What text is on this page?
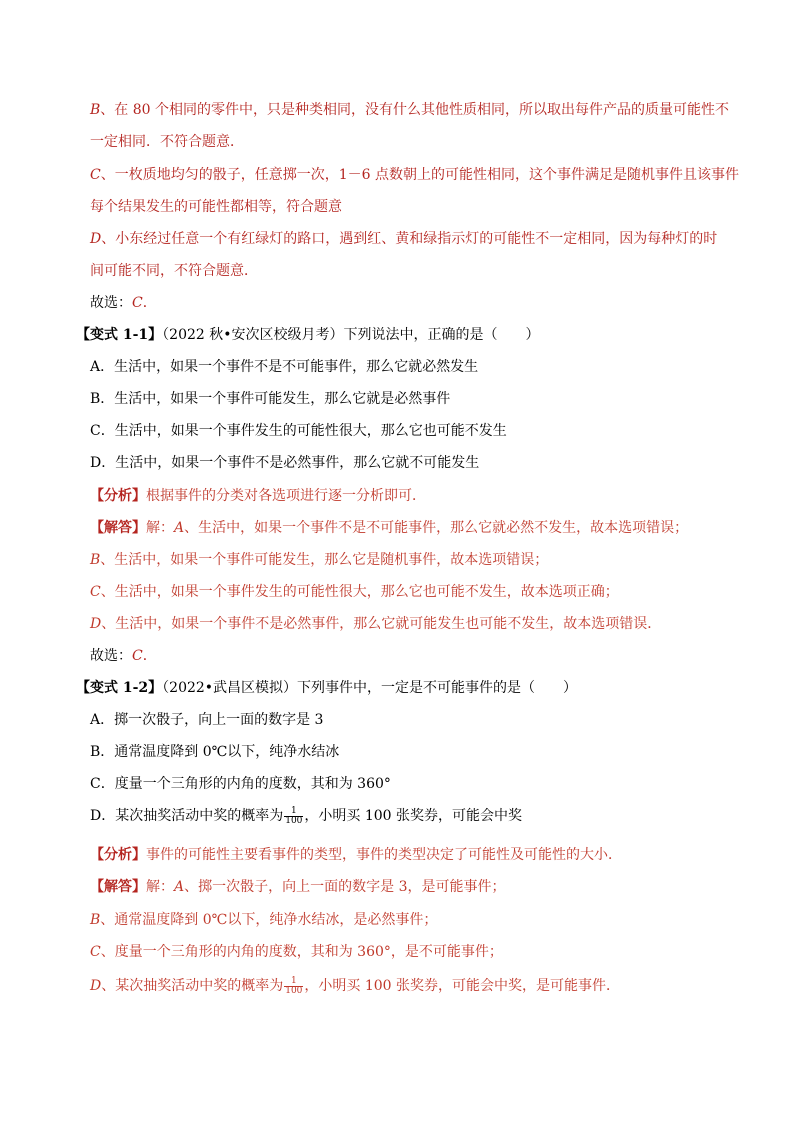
B、在 80 个相同的零件中，只是种类相同，没有什么其他性质相同，所以取出每件产品的质量可能性不
一定相同．不符合题意．
C、一枚质地均匀的骰子，任意掷一次，1－6 点数朝上的可能性相同，这个事件满足是随机事件且该事件
每个结果发生的可能性都相等，符合题意
D、小东经过任意一个有红绿灯的路口，遇到红、黄和绿指示灯的可能性不一定相同，因为每种灯的时
间可能不同，不符合题意．
故选：C．
【变式 1-1】（2022 秋•安次区校级月考）下列说法中，正确的是（　　）
A．生活中，如果一个事件不是不可能事件，那么它就必然发生
B．生活中，如果一个事件可能发生，那么它就是必然事件
C．生活中，如果一个事件发生的可能性很大，那么它也可能不发生
D．生活中，如果一个事件不是必然事件，那么它就不可能发生
【分析】根据事件的分类对各选项进行逐一分析即可．
【解答】解：A、生活中，如果一个事件不是不可能事件，那么它就必然不发生，故本选项错误；
B、生活中，如果一个事件可能发生，那么它是随机事件，故本选项错误；
C、生活中，如果一个事件发生的可能性很大，那么它也可能不发生，故本选项正确；
D、生活中，如果一个事件不是必然事件，那么它就可能发生也可能不发生，故本选项错误．
故选：C．
【变式 1-2】（2022•武昌区模拟）下列事件中，一定是不可能事件的是（　　）
A．掷一次骰子，向上一面的数字是 3
B．通常温度降到 0℃以下，纯净水结冰
C．度量一个三角形的内角的度数，其和为 360°
D．某次抽奖活动中奖的概率为 $\frac{1}{100}$ ，小明买 100 张奖券，可能会中奖
【分析】事件的可能性主要看事件的类型，事件的类型决定了可能性及可能性的大小．
【解答】解：A、掷一次骰子，向上一面的数字是 3，是可能事件；
B、通常温度降到 0℃以下，纯净水结冰，是必然事件；
C、度量一个三角形的内角的度数，其和为 360°，是不可能事件；
D、某次抽奖活动中奖的概率为 $\frac{1}{100}$ ，小明买 100 张奖券，可能会中奖，是可能事件．
